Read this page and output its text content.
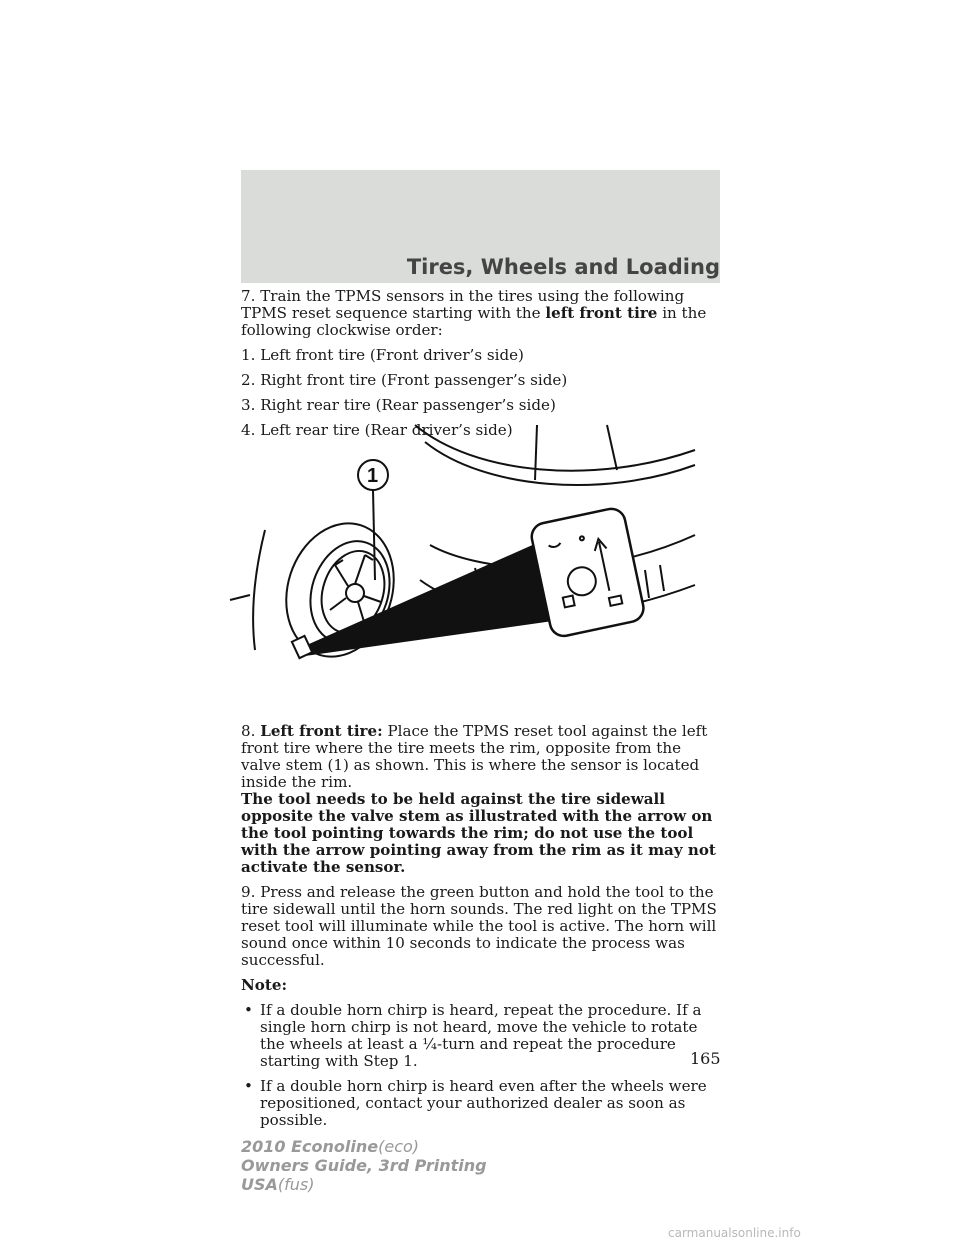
Tires, Wheels and Loading

7. Train the TPMS sensors in the tires using the following TPMS reset sequence starting with the left front tire in the following clockwise order:

1. Left front tire (Front driver’s side)

2. Right front tire (Front passenger’s side)

3. Right rear tire (Rear passenger’s side)

4. Left rear tire (Rear driver’s side)

8. Left front tire: Place the TPMS reset tool against the left front tire where the tire meets the rim, opposite from the valve stem (1) as shown. This is where the sensor is located inside the rim.

The tool needs to be held against the tire sidewall opposite the valve stem as illustrated with the arrow on the tool pointing towards the rim; do not use the tool with the arrow pointing away from the rim as it may not activate the sensor.

9. Press and release the green button and hold the tool to the tire sidewall until the horn sounds. The red light on the TPMS reset tool will illuminate while the tool is active. The horn will sound once within 10 seconds to indicate the process was successful.

Note:

• If a double horn chirp is heard, repeat the procedure. If a single horn chirp is not heard, move the vehicle to rotate the wheels at least a ¼-turn and repeat the procedure starting with Step 1.
• If a double horn chirp is heard even after the wheels were repositioned, contact your authorized dealer as soon as possible.
1
165
2010 Econoline(eco)
Owners Guide, 3rd Printing
USA(fus)
carmanualsonline.info
